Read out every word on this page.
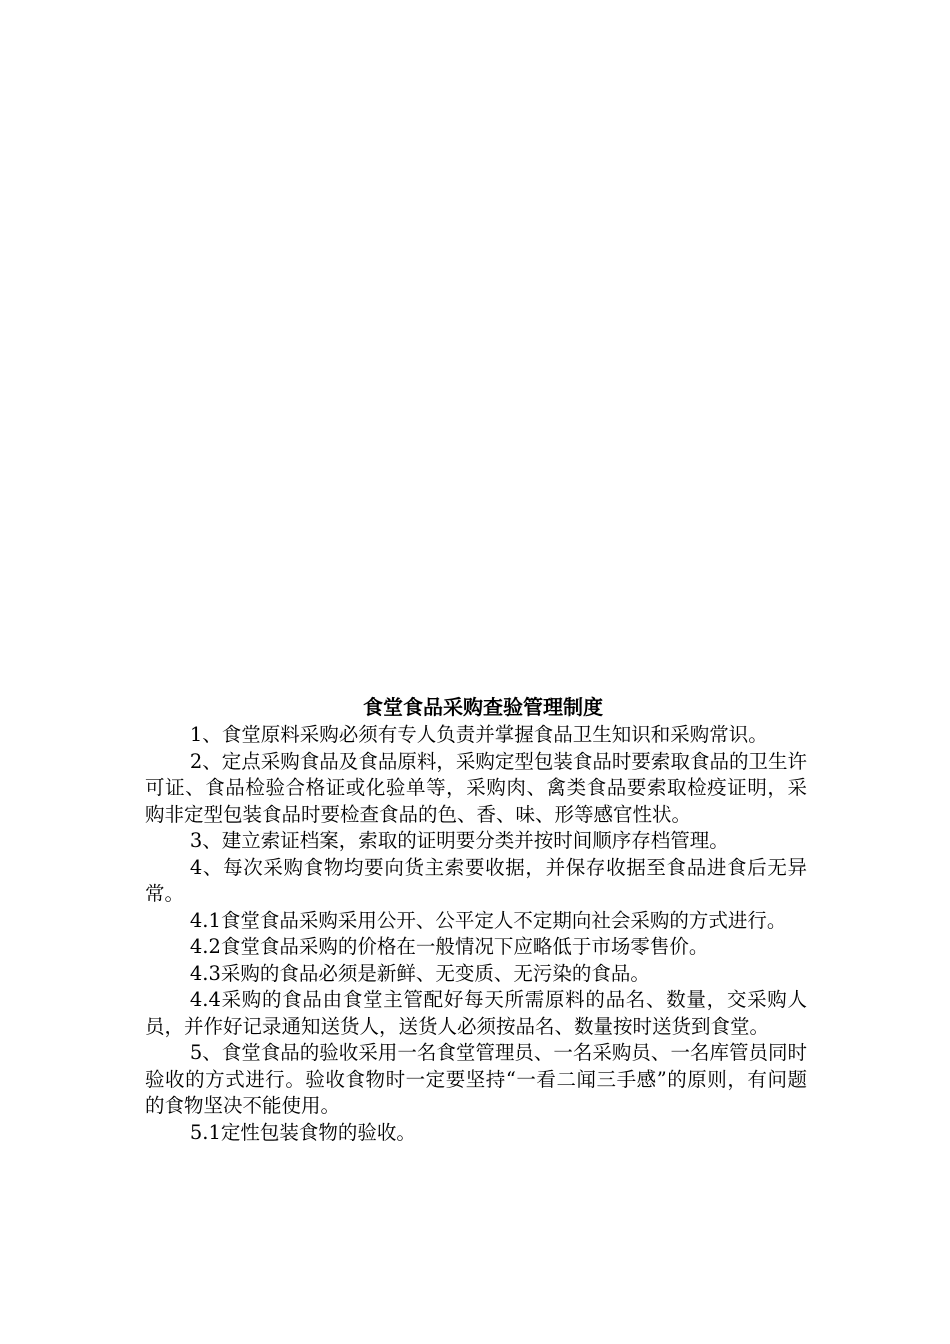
食堂食品采购查验管理制度

1、食堂原料采购必须有专人负责并掌握食品卫生知识和采购常识。

2、定点采购食品及食品原料，采购定型包装食品时要索取食品的卫生许可证、食品检验合格证或化验单等，采购肉、禽类食品要索取检疫证明，采购非定型包装食品时要检查食品的色、香、味、形等感官性状。

3、建立索证档案，索取的证明要分类并按时间顺序存档管理。

4、每次采购食物均要向货主索要收据，并保存收据至食品进食后无异常。

4.1食堂食品采购采用公开、公平定人不定期向社会采购的方式进行。

4.2食堂食品采购的价格在一般情况下应略低于市场零售价。

4.3采购的食品必须是新鲜、无变质、无污染的食品。

4.4采购的食品由食堂主管配好每天所需原料的品名、数量，交采购人员，并作好记录通知送货人，送货人必须按品名、数量按时送货到食堂。

5、食堂食品的验收采用一名食堂管理员、一名采购员、一名库管员同时验收的方式进行。验收食物时一定要坚持“一看二闻三手感”的原则，有问题的食物坚决不能使用。

5.1定性包装食物的验收。
